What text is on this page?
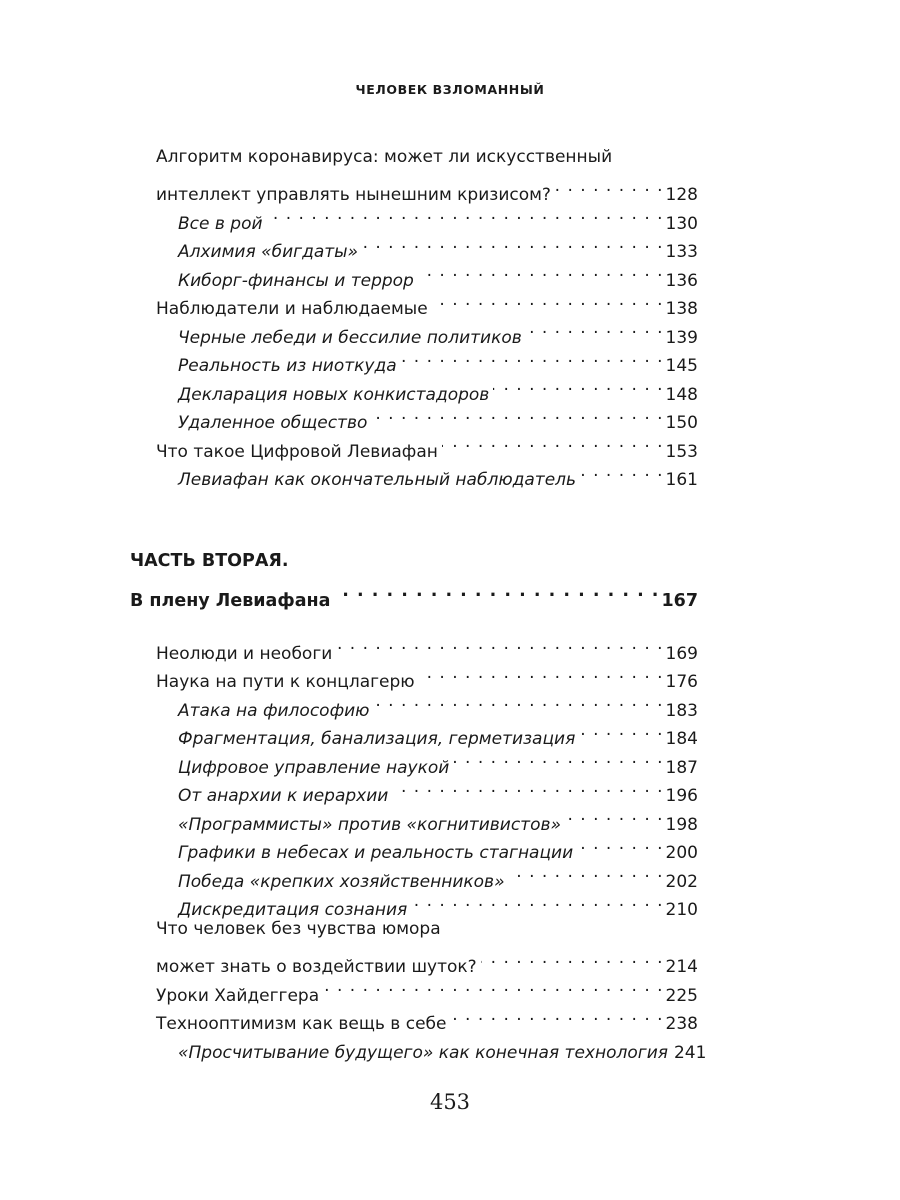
ЧЕЛОВЕК ВЗЛОМАННЫЙ
Алгоритм коронавируса: может ли искусственный
интеллект управлять нынешним кризисом? . . .	128
Все в рой . . .	130
Алхимия «бигдаты» . . .	133
Киборг-финансы и террор . . .	136
Наблюдатели и наблюдаемые . . .	138
Черные лебеди и бессилие политиков . . .	139
Реальность из ниоткуда . . .	145
Декларация новых конкистадоров . . .	148
Удаленное общество . . .	150
Что такое Цифровой Левиафан . . .	153
Левиафан как окончательный наблюдатель . . .	161
ЧАСТЬ ВТОРАЯ.
В плену Левиафана . . .	167
Неолюди и необоги . . .	169
Наука на пути к концлагерю . . .	176
Атака на философию . . .	183
Фрагментация, банализация, герметизация . . .	184
Цифровое управление наукой . . .	187
От анархии к иерархии . . .	196
«Программисты» против «когнитивистов» . . .	198
Графики в небесах и реальность стагнации . . .	200
Победа «крепких хозяйственников» . . .	202
Дискредитация сознания . . .	210
Что человек без чувства юмора
может знать о воздействии шуток? . . .	214
Уроки Хайдеггера . . .	225
Технооптимизм как вещь в себе . . .	238
«Просчитывание будущего» как конечная технология 241
453
